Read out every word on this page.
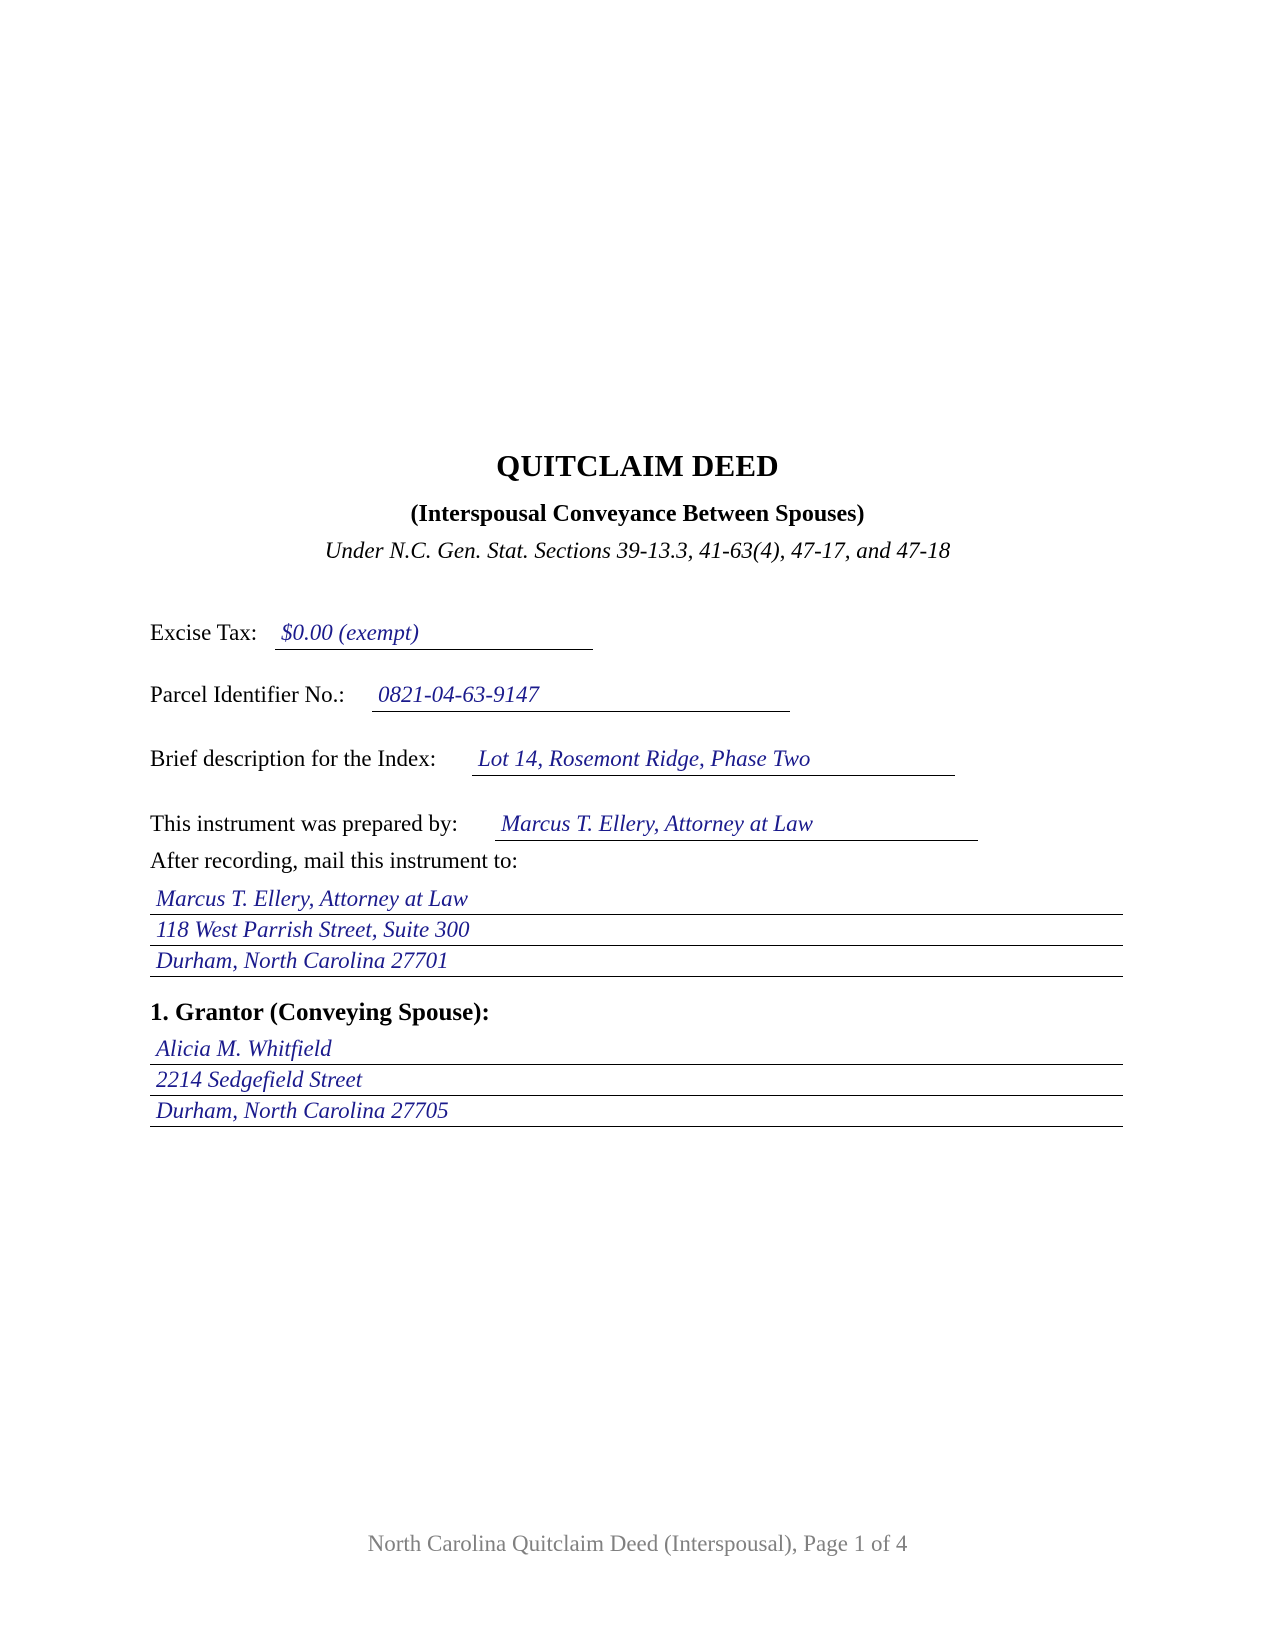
QUITCLAIM DEED
(Interspousal Conveyance Between Spouses)
Under N.C. Gen. Stat. Sections 39-13.3, 41-63(4), 47-17, and 47-18
Excise Tax: $0.00 (exempt)
Parcel Identifier No.: 0821-04-63-9147
Brief description for the Index: Lot 14, Rosemont Ridge, Phase Two
This instrument was prepared by: Marcus T. Ellery, Attorney at Law
After recording, mail this instrument to:
Marcus T. Ellery, Attorney at Law
118 West Parrish Street, Suite 300
Durham, North Carolina 27701
1. Grantor (Conveying Spouse):
Alicia M. Whitfield
2214 Sedgefield Street
Durham, North Carolina 27705
North Carolina Quitclaim Deed (Interspousal), Page 1 of 4
